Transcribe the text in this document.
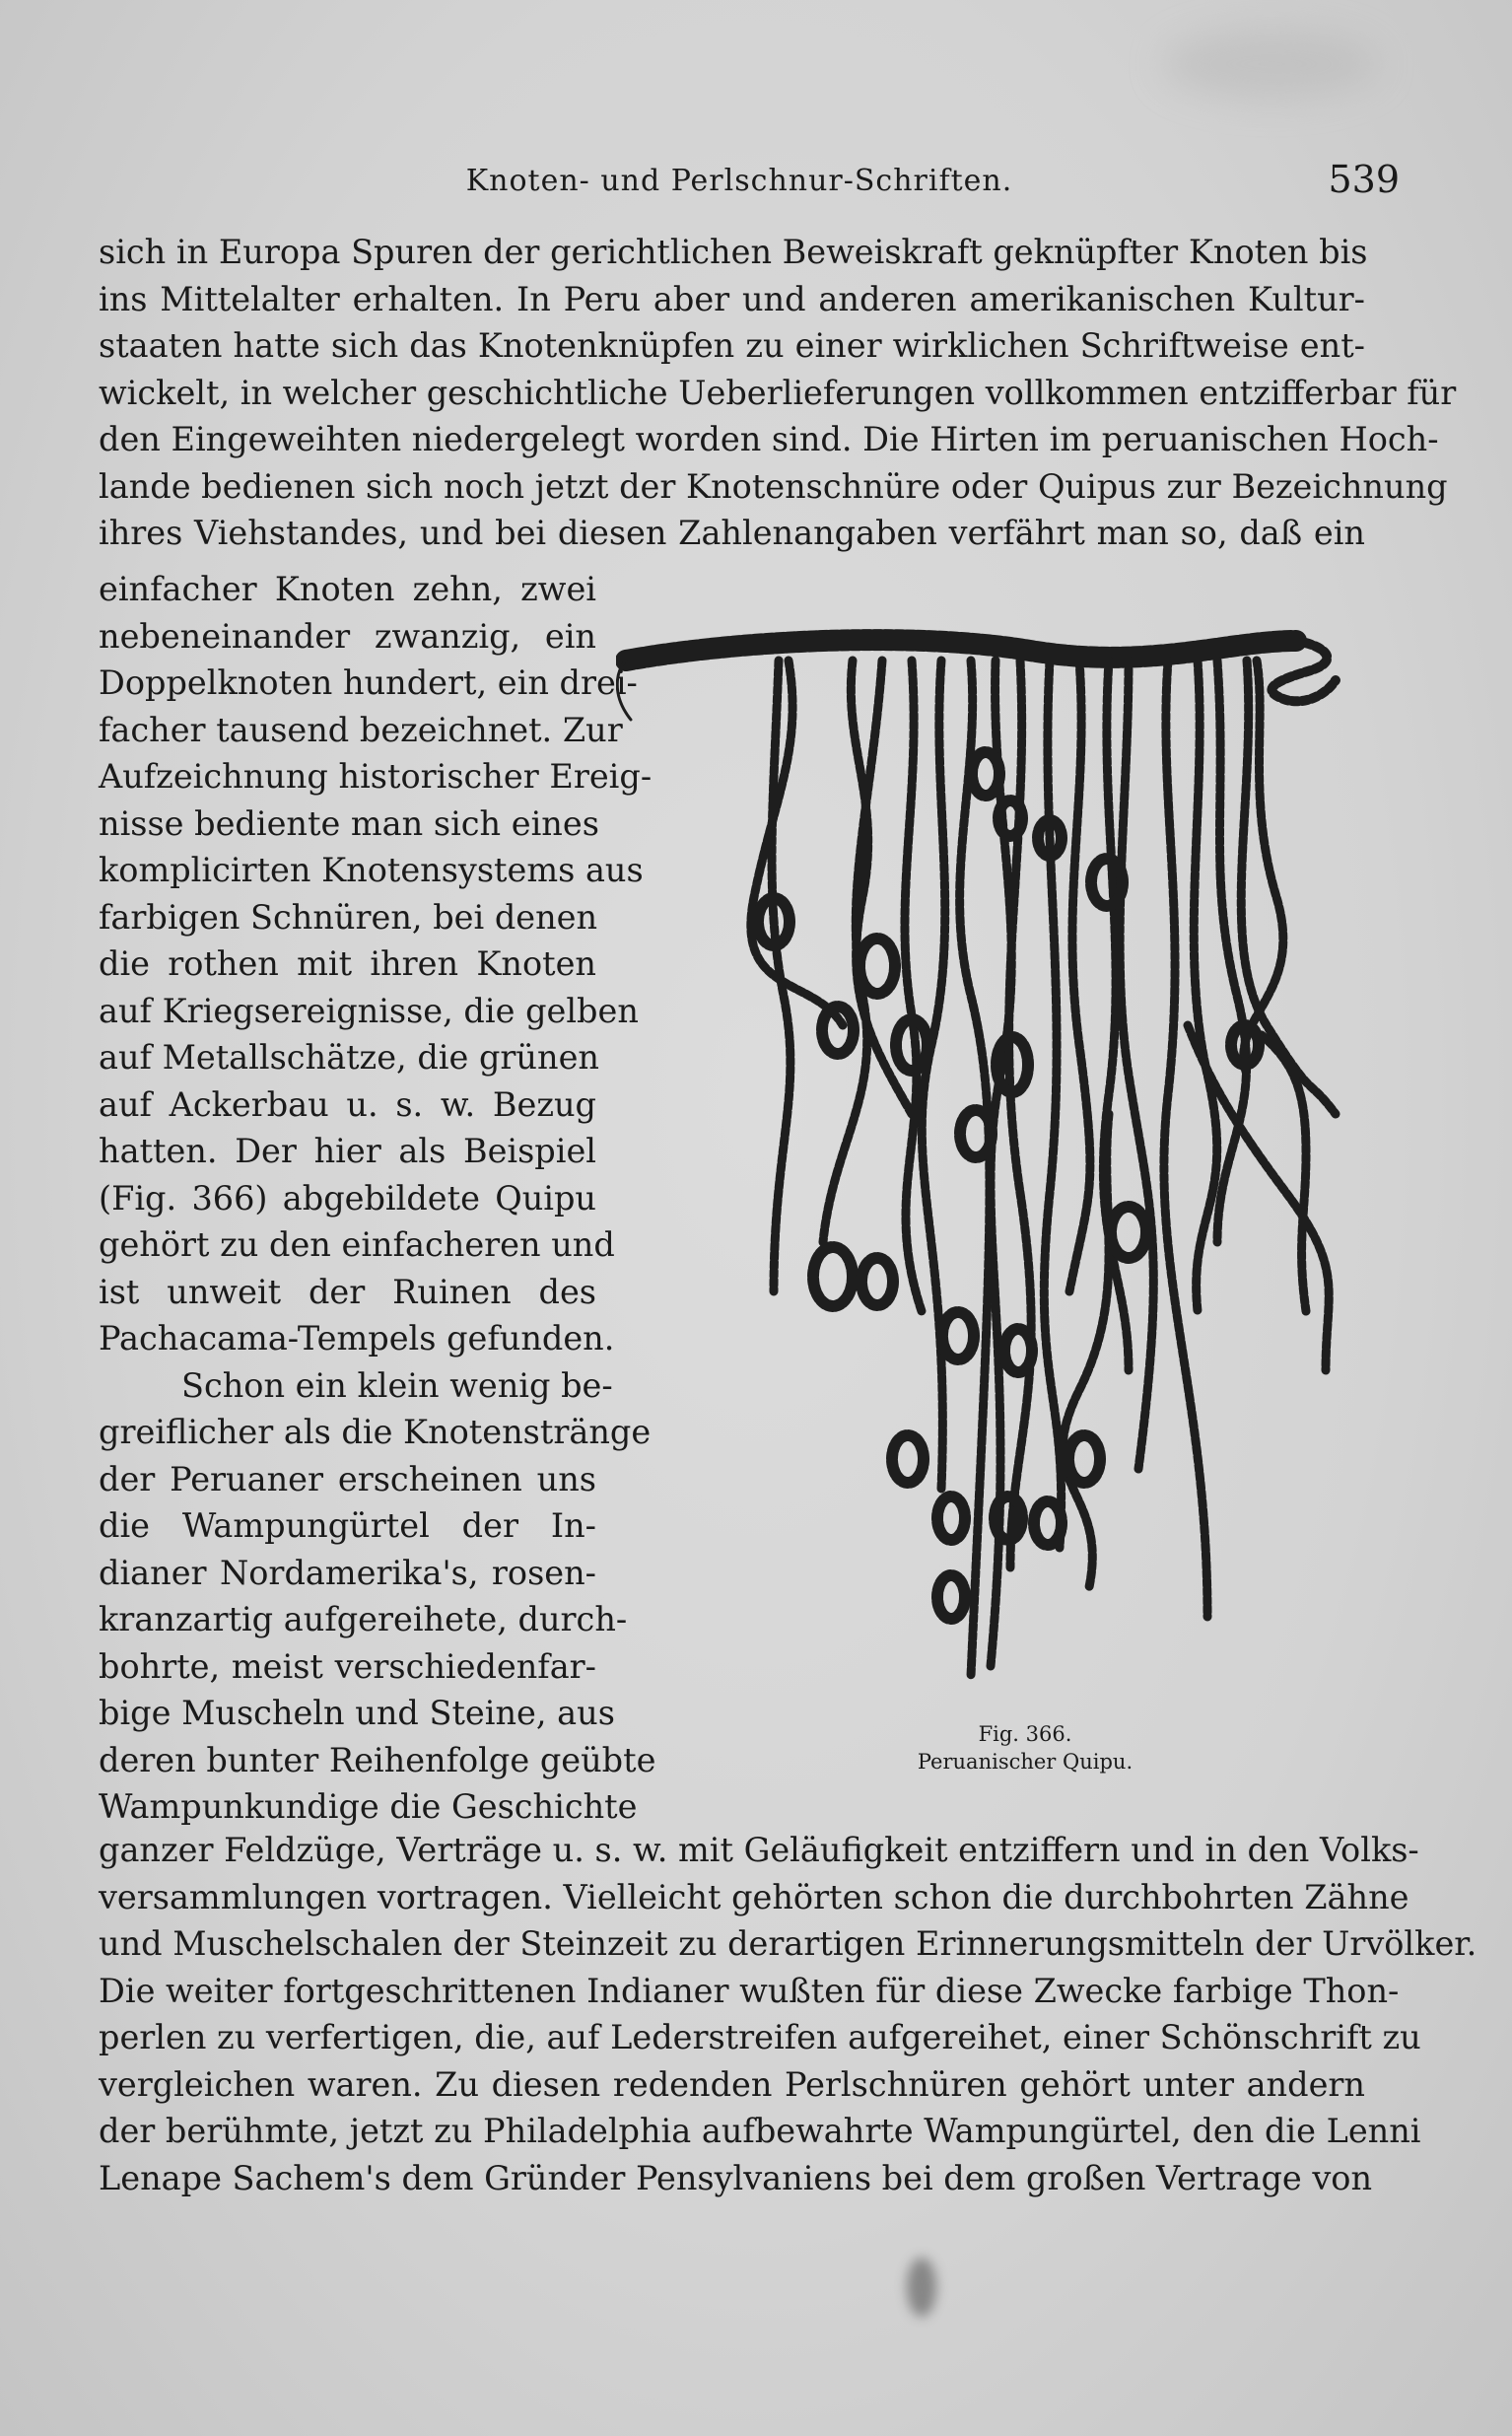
Knoten- und Perlschnur-Schriften.	539
sich in Europa Spuren der gerichtlichen Beweiskraft geknüpfter Knoten bis
ins Mittelalter erhalten. In Peru aber und anderen amerikanischen Kultur-
staaten hatte sich das Knotenknüpfen zu einer wirklichen Schriftweise ent-
wickelt, in welcher geschichtliche Ueberlieferungen vollkommen entzifferbar für
den Eingeweihten niedergelegt worden sind. Die Hirten im peruanischen Hoch-
lande bedienen sich noch jetzt der Knotenschnüre oder Quipus zur Bezeichnung
ihres Viehstandes, und bei diesen Zahlenangaben verfährt man so, daß ein
einfacher Knoten zehn, zwei
nebeneinander zwanzig, ein
Doppelknoten hundert, ein drei-
facher tausend bezeichnet. Zur
Aufzeichnung historischer Ereig-
nisse bediente man sich eines
komplicirten Knotensystems aus
farbigen Schnüren, bei denen
die rothen mit ihren Knoten
auf Kriegsereignisse, die gelben
auf Metallschätze, die grünen
auf Ackerbau u. s. w. Bezug
hatten. Der hier als Beispiel
(Fig. 366) abgebildete Quipu
gehört zu den einfacheren und
ist unweit der Ruinen des
Pachacama-Tempels gefunden.
Schon ein klein wenig be-
greiflicher als die Knotenstränge
der Peruaner erscheinen uns
die Wampungürtel der In-
dianer Nordamerika's, rosen-
kranzartig aufgereihete, durch-
bohrte, meist verschiedenfar-
bige Muscheln und Steine, aus
deren bunter Reihenfolge geübte
Wampunkundige die Geschichte
Fig. 366.
Peruanischer Quipu.
ganzer Feldzüge, Verträge u. s. w. mit Geläufigkeit entziffern und in den Volks-
versammlungen vortragen. Vielleicht gehörten schon die durchbohrten Zähne
und Muschelschalen der Steinzeit zu derartigen Erinnerungsmitteln der Urvölker.
Die weiter fortgeschrittenen Indianer wußten für diese Zwecke farbige Thon-
perlen zu verfertigen, die, auf Lederstreifen aufgereihet, einer Schönschrift zu
vergleichen waren. Zu diesen redenden Perlschnüren gehört unter andern
der berühmte, jetzt zu Philadelphia aufbewahrte Wampungürtel, den die Lenni
Lenape Sachem's dem Gründer Pensylvaniens bei dem großen Vertrage von
